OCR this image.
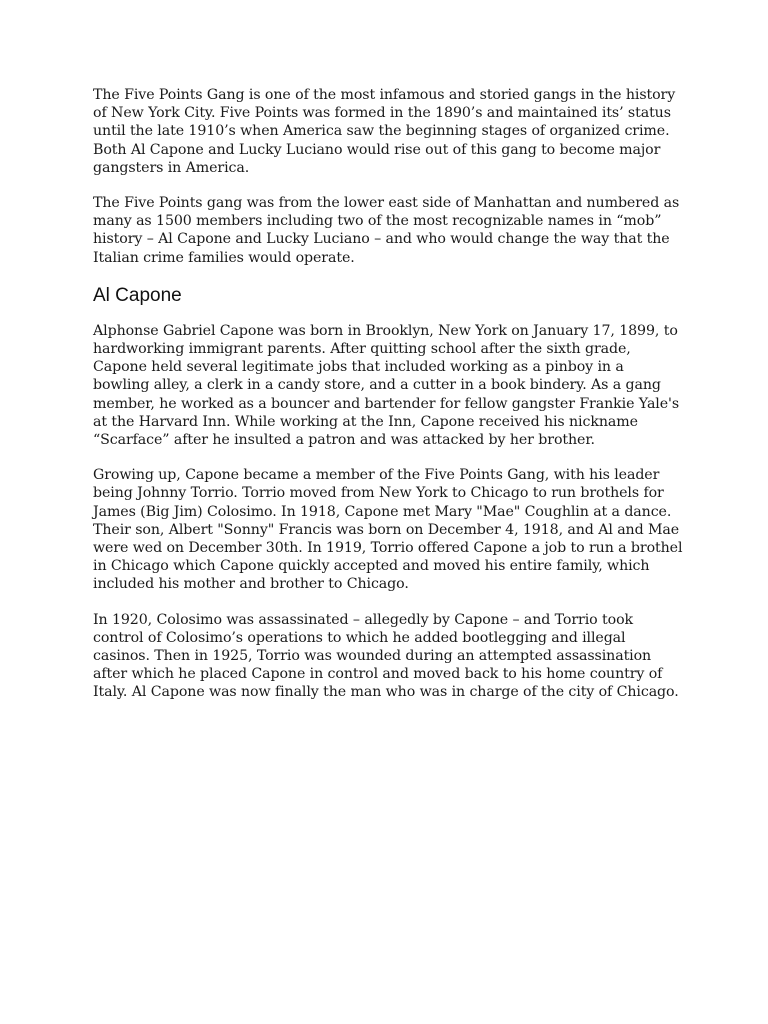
The Five Points Gang is one of the most infamous and storied gangs in the history of New York City. Five Points was formed in the 1890’s and maintained its’ status until the late 1910’s when America saw the beginning stages of organized crime. Both Al Capone and Lucky Luciano would rise out of this gang to become major gangsters in America.

The Five Points gang was from the lower east side of Manhattan and numbered as many as 1500 members including two of the most recognizable names in “mob” history – Al Capone and Lucky Luciano – and who would change the way that the Italian crime families would operate.

Al Capone

Alphonse Gabriel Capone was born in Brooklyn, New York on January 17, 1899, to hardworking immigrant parents. After quitting school after the sixth grade, Capone held several legitimate jobs that included working as a pinboy in a bowling alley, a clerk in a candy store, and a cutter in a book bindery. As a gang member, he worked as a bouncer and bartender for fellow gangster Frankie Yale's at the Harvard Inn. While working at the Inn, Capone received his nickname “Scarface” after he insulted a patron and was attacked by her brother.

Growing up, Capone became a member of the Five Points Gang, with his leader being Johnny Torrio. Torrio moved from New York to Chicago to run brothels for James (Big Jim) Colosimo. In 1918, Capone met Mary "Mae" Coughlin at a dance. Their son, Albert "Sonny" Francis was born on December 4, 1918, and Al and Mae were wed on December 30th. In 1919, Torrio offered Capone a job to run a brothel in Chicago which Capone quickly accepted and moved his entire family, which included his mother and brother to Chicago.

In 1920, Colosimo was assassinated – allegedly by Capone – and Torrio took control of Colosimo’s operations to which he added bootlegging and illegal casinos. Then in 1925, Torrio was wounded during an attempted assassination after which he placed Capone in control and moved back to his home country of Italy. Al Capone was now finally the man who was in charge of the city of Chicago.
